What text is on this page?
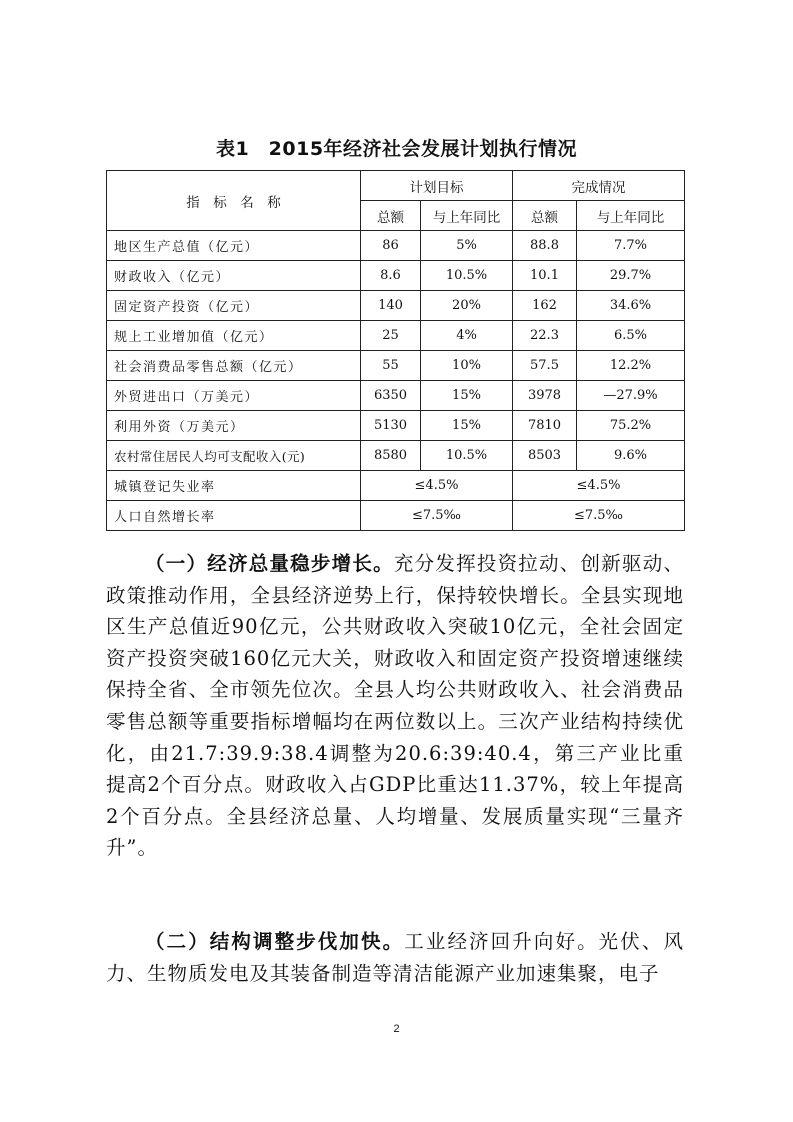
表1　2015年经济社会发展计划执行情况
指　标　名　称	计划目标		完成情况	
	总额	与上年同比	总额	与上年同比
地区生产总值（亿元）	86	5%	88.8	7.7%
财政收入（亿元）	8.6	10.5%	10.1	29.7%
固定资产投资（亿元）	140	20%	162	34.6%
规上工业增加值（亿元）	25	4%	22.3	6.5%
社会消费品零售总额（亿元）	55	10%	57.5	12.2%
外贸进出口（万美元）	6350	15%	3978	—27.9%
利用外资（万美元）	5130	15%	7810	75.2%
农村常住居民人均可支配收入(元)	8580	10.5%	8503	9.6%
城镇登记失业率	≤4.5%		≤4.5%	
人口自然增长率	≤7.5‰		≤7.5‰	

（一）经济总量稳步增长。充分发挥投资拉动、创新驱动、政策推动作用，全县经济逆势上行，保持较快增长。全县实现地区生产总值近90亿元，公共财政收入突破10亿元，全社会固定资产投资突破160亿元大关，财政收入和固定资产投资增速继续保持全省、全市领先位次。全县人均公共财政收入、社会消费品零售总额等重要指标增幅均在两位数以上。三次产业结构持续优化，由21.7:39.9:38.4调整为20.6:39:40.4，第三产业比重提高2个百分点。财政收入占GDP比重达11.37%，较上年提高2个百分点。全县经济总量、人均增量、发展质量实现“三量齐升”。

（二）结构调整步伐加快。工业经济回升向好。光伏、风力、生物质发电及其装备制造等清洁能源产业加速集聚，电子

2
